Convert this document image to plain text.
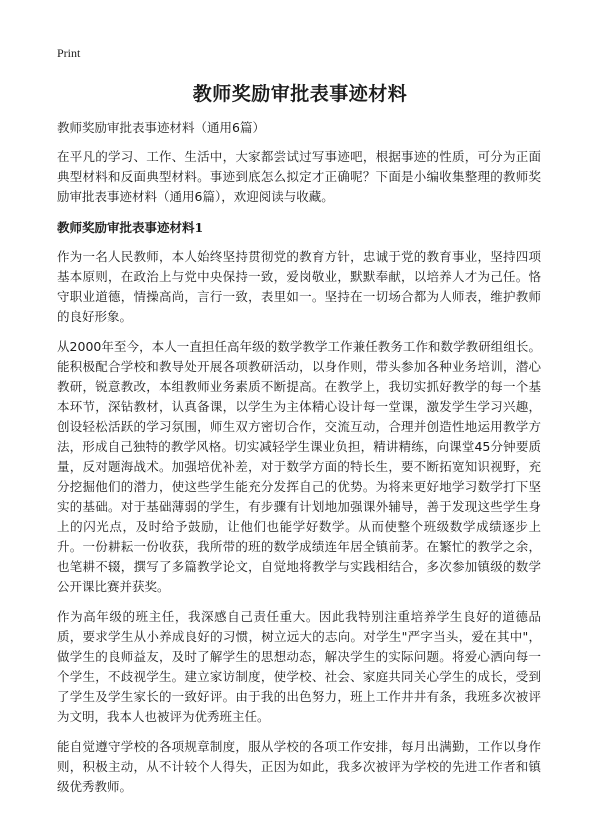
Print
教师奖励审批表事迹材料

教师奖励审批表事迹材料（通用6篇）

在平凡的学习、工作、生活中，大家都尝试过写事迹吧，根据事迹的性质，可分为正面典型材料和反面典型材料。事迹到底怎么拟定才正确呢？下面是小编收集整理的教师奖励审批表事迹材料（通用6篇），欢迎阅读与收藏。

教师奖励审批表事迹材料1

作为一名人民教师，本人始终坚持贯彻党的教育方针，忠诚于党的教育事业，坚持四项基本原则，在政治上与党中央保持一致，爱岗敬业，默默奉献，以培养人才为己任。恪守职业道德，情操高尚，言行一致，表里如一。坚持在一切场合都为人师表，维护教师的良好形象。

从2000年至今，本人一直担任高年级的数学教学工作兼任教务工作和数学教研组组长。能积极配合学校和教导处开展各项教研活动，以身作则，带头参加各种业务培训，潜心教研，锐意教改，本组教师业务素质不断提高。在教学上，我切实抓好教学的每一个基本环节，深钻教材，认真备课，以学生为主体精心设计每一堂课，激发学生学习兴趣，创设轻松活跃的学习氛围，师生双方密切合作，交流互动，合理并创造性地运用教学方法，形成自己独特的教学风格。切实减轻学生课业负担，精讲精练，向课堂45分钟要质量，反对题海战术。加强培优补差，对于数学方面的特长生，要不断拓宽知识视野，充分挖掘他们的潜力，使这些学生能充分发挥自己的优势。为将来更好地学习数学打下坚实的基础。对于基础薄弱的学生，有步骤有计划地加强课外辅导，善于发现这些学生身上的闪光点，及时给予鼓励，让他们也能学好数学。从而使整个班级数学成绩逐步上升。一份耕耘一份收获，我所带的班的数学成绩连年居全镇前茅。在繁忙的教学之余，也笔耕不辍，撰写了多篇教学论文，自觉地将教学与实践相结合，多次参加镇级的数学公开课比赛并获奖。

作为高年级的班主任，我深感自己责任重大。因此我特别注重培养学生良好的道德品质，要求学生从小养成良好的习惯，树立远大的志向。对学生"严字当头，爱在其中"，做学生的良师益友，及时了解学生的思想动态，解决学生的实际问题。将爱心洒向每一个学生，不歧视学生。建立家访制度，使学校、社会、家庭共同关心学生的成长，受到了学生及学生家长的一致好评。由于我的出色努力，班上工作井井有条，我班多次被评为文明，我本人也被评为优秀班主任。

能自觉遵守学校的各项规章制度，服从学校的各项工作安排，每月出满勤，工作以身作则，积极主动，从不计较个人得失，正因为如此，我多次被评为学校的先进工作者和镇级优秀教师。
